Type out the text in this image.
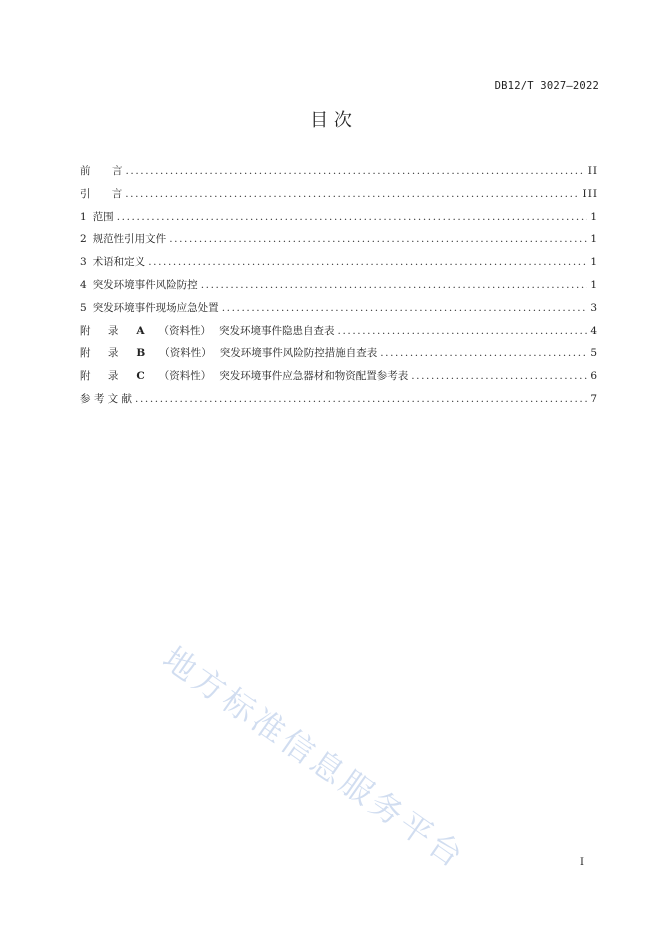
DB12/T 3027—2022
目 次
前 言 .....	II
引 言 .....	III
1 范围 .....	1
2 规范性引用文件 .....	1
3 术语和定义 .....	1
4 突发环境事件风险防控 .....	1
5 突发环境事件现场应急处置 .....	3
附 录 A （资料性） 突发环境事件隐患自查表 .....	4
附 录 B （资料性） 突发环境事件风险防控措施自查表 .....	5
附 录 C （资料性） 突发环境事件应急器材和物资配置参考表 .....	6
参 考 文 献 .....	7
地方标准信息服务平台	I
